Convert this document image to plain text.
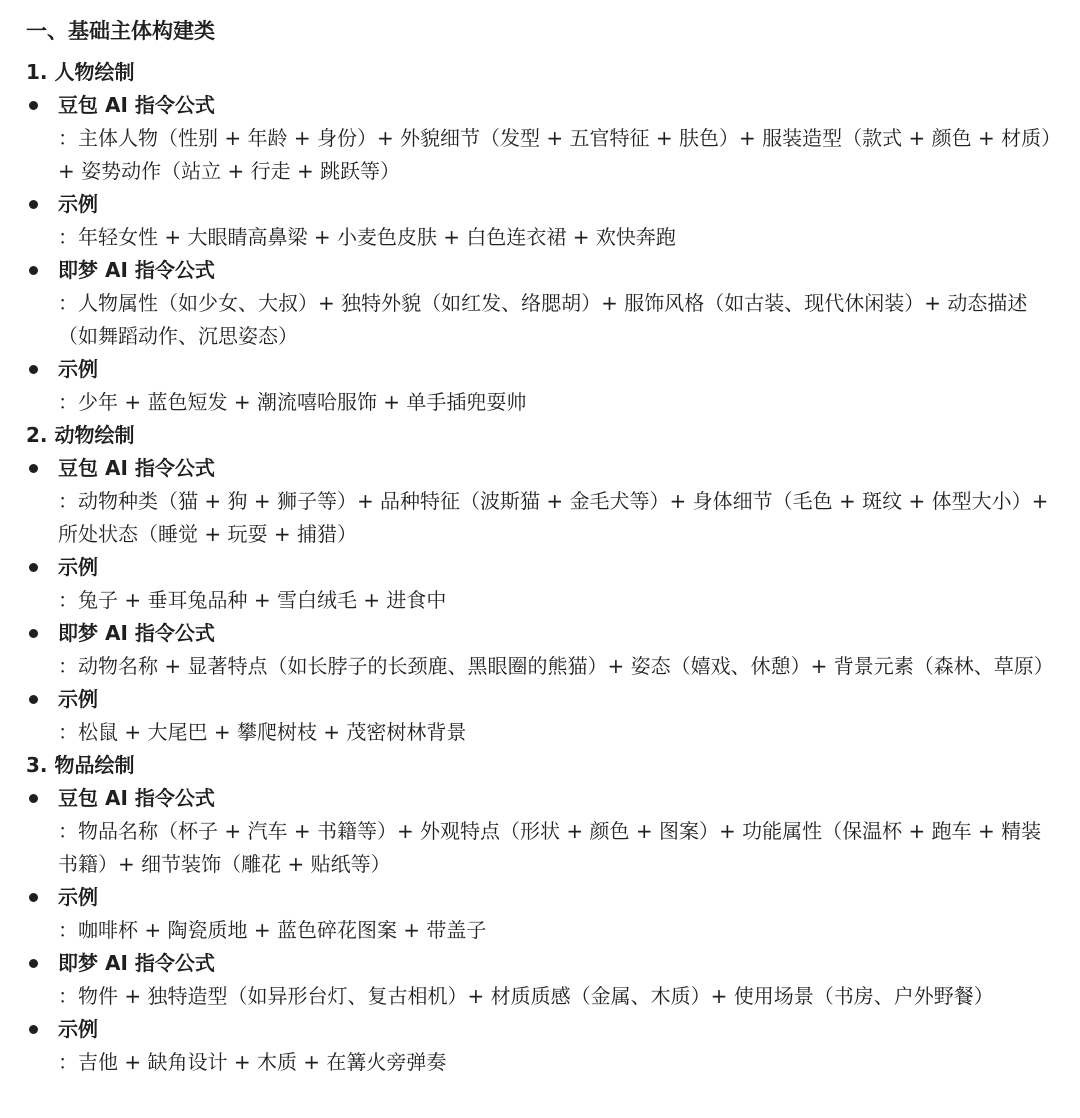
一、基础主体构建类
1. 人物绘制
豆包 AI 指令公式
：主体人物（性别 + 年龄 + 身份）+ 外貌细节（发型 + 五官特征 + 肤色）+ 服装造型（款式 + 颜色 + 材质）+ 姿势动作（站立 + 行走 + 跳跃等）
示例
：年轻女性 + 大眼睛高鼻梁 + 小麦色皮肤 + 白色连衣裙 + 欢快奔跑
即梦 AI 指令公式
：人物属性（如少女、大叔）+ 独特外貌（如红发、络腮胡）+ 服饰风格（如古装、现代休闲装）+ 动态描述（如舞蹈动作、沉思姿态）
示例
：少年 + 蓝色短发 + 潮流嘻哈服饰 + 单手插兜耍帅
2. 动物绘制
豆包 AI 指令公式
：动物种类（猫 + 狗 + 狮子等）+ 品种特征（波斯猫 + 金毛犬等）+ 身体细节（毛色 + 斑纹 + 体型大小）+ 所处状态（睡觉 + 玩耍 + 捕猎）
示例
：兔子 + 垂耳兔品种 + 雪白绒毛 + 进食中
即梦 AI 指令公式
：动物名称 + 显著特点（如长脖子的长颈鹿、黑眼圈的熊猫）+ 姿态（嬉戏、休憩）+ 背景元素（森林、草原）
示例
：松鼠 + 大尾巴 + 攀爬树枝 + 茂密树林背景
3. 物品绘制
豆包 AI 指令公式
：物品名称（杯子 + 汽车 + 书籍等）+ 外观特点（形状 + 颜色 + 图案）+ 功能属性（保温杯 + 跑车 + 精装书籍）+ 细节装饰（雕花 + 贴纸等）
示例
：咖啡杯 + 陶瓷质地 + 蓝色碎花图案 + 带盖子
即梦 AI 指令公式
：物件 + 独特造型（如异形台灯、复古相机）+ 材质质感（金属、木质）+ 使用场景（书房、户外野餐）
示例
：吉他 + 缺角设计 + 木质 + 在篝火旁弹奏
